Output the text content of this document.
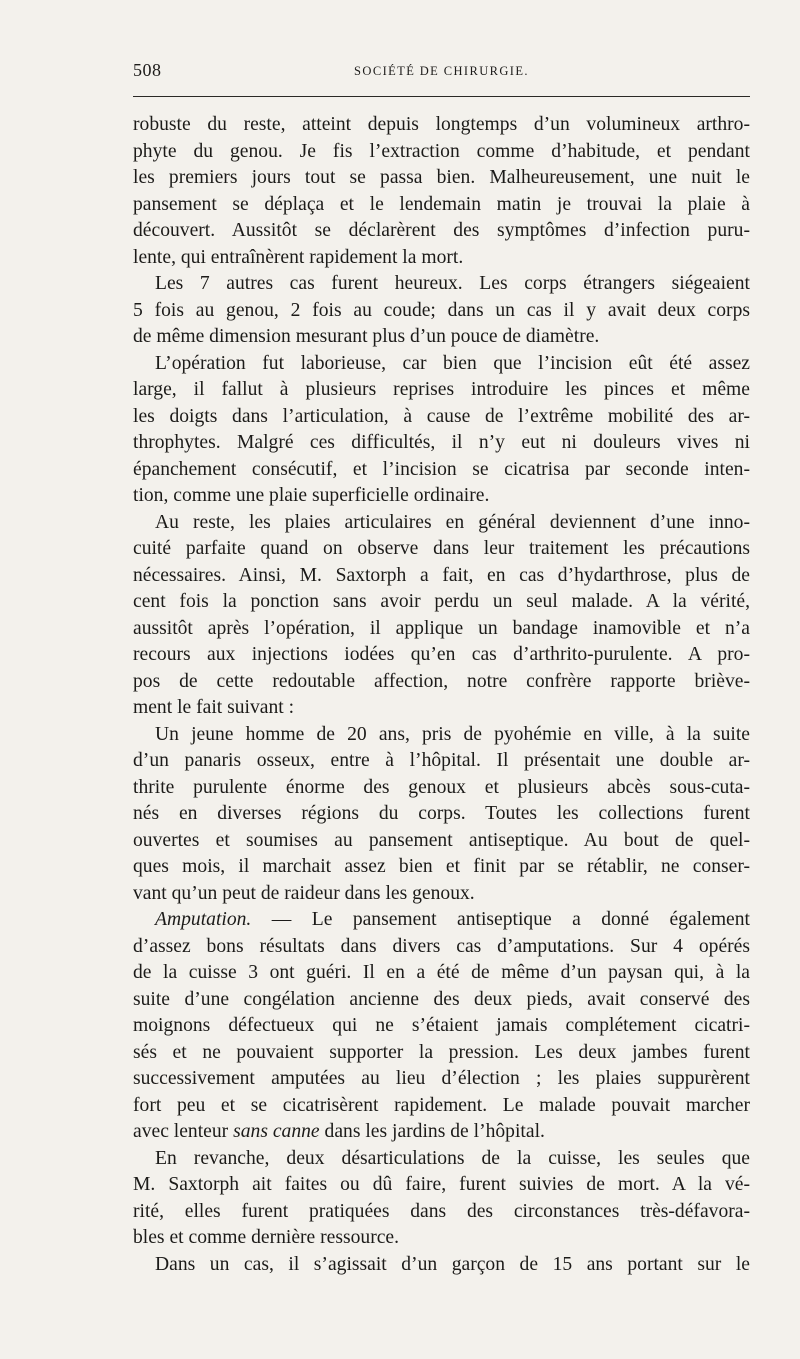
508	SOCIÉTÉ DE CHIRURGIE.

robuste du reste, atteint depuis longtemps d’un volumineux arthro-
phyte du genou. Je fis l’extraction comme d’habitude, et pendant
les premiers jours tout se passa bien. Malheureusement, une nuit le
pansement se déplaça et le lendemain matin je trouvai la plaie à
découvert. Aussitôt se déclarèrent des symptômes d’infection puru-
lente, qui entraînèrent rapidement la mort.

Les 7 autres cas furent heureux. Les corps étrangers siégeaient
5 fois au genou, 2 fois au coude; dans un cas il y avait deux corps
de même dimension mesurant plus d’un pouce de diamètre.

L’opération fut laborieuse, car bien que l’incision eût été assez
large, il fallut à plusieurs reprises introduire les pinces et même
les doigts dans l’articulation, à cause de l’extrême mobilité des ar-
throphytes. Malgré ces difficultés, il n’y eut ni douleurs vives ni
épanchement consécutif, et l’incision se cicatrisa par seconde inten-
tion, comme une plaie superficielle ordinaire.

Au reste, les plaies articulaires en général deviennent d’une inno-
cuité parfaite quand on observe dans leur traitement les précautions
nécessaires. Ainsi, M. Saxtorph a fait, en cas d’hydarthrose, plus de
cent fois la ponction sans avoir perdu un seul malade. A la vérité,
aussitôt après l’opération, il applique un bandage inamovible et n’a
recours aux injections iodées qu’en cas d’arthrito-purulente. A pro-
pos de cette redoutable affection, notre confrère rapporte briève-
ment le fait suivant :

Un jeune homme de 20 ans, pris de pyohémie en ville, à la suite
d’un panaris osseux, entre à l’hôpital. Il présentait une double ar-
thrite purulente énorme des genoux et plusieurs abcès sous-cuta-
nés en diverses régions du corps. Toutes les collections furent
ouvertes et soumises au pansement antiseptique. Au bout de quel-
ques mois, il marchait assez bien et finit par se rétablir, ne conser-
vant qu’un peut de raideur dans les genoux.

Amputation. — Le pansement antiseptique a donné également
d’assez bons résultats dans divers cas d’amputations. Sur 4 opérés
de la cuisse 3 ont guéri. Il en a été de même d’un paysan qui, à la
suite d’une congélation ancienne des deux pieds, avait conservé des
moignons défectueux qui ne s’étaient jamais complétement cicatri-
sés et ne pouvaient supporter la pression. Les deux jambes furent
successivement amputées au lieu d’élection ; les plaies suppurèrent
fort peu et se cicatrisèrent rapidement. Le malade pouvait marcher
avec lenteur sans canne dans les jardins de l’hôpital.

En revanche, deux désarticulations de la cuisse, les seules que
M. Saxtorph ait faites ou dû faire, furent suivies de mort. A la vé-
rité, elles furent pratiquées dans des circonstances très-défavora-
bles et comme dernière ressource.

Dans un cas, il s’agissait d’un garçon de 15 ans portant sur le
